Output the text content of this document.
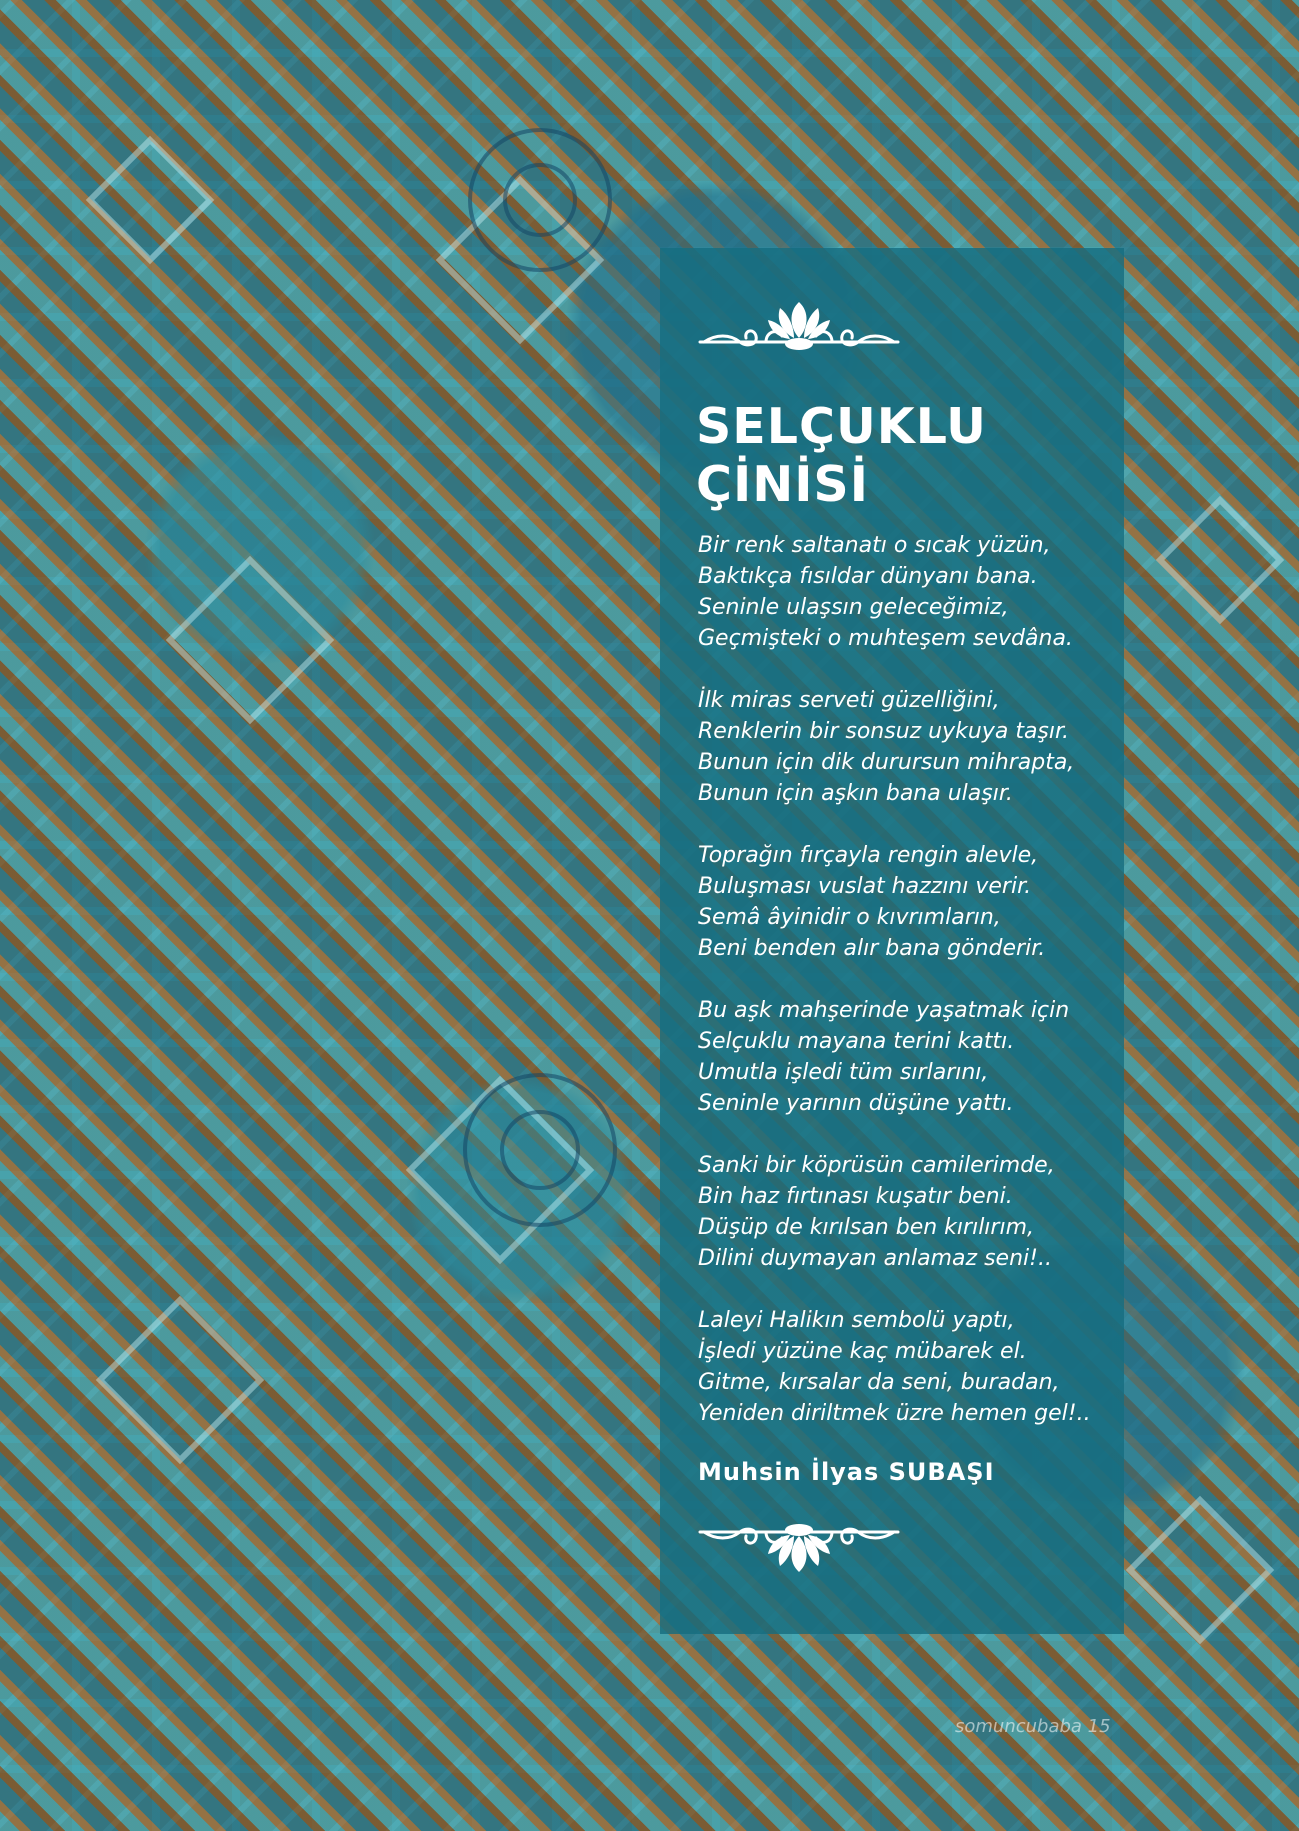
SELÇUKLU
ÇİNİSİ
Bir renk saltanatı o sıcak yüzün,
Baktıkça fısıldar dünyanı bana.
Seninle ulaşsın geleceğimiz,
Geçmişteki o muhteşem sevdâna.
İlk miras serveti güzelliğini,
Renklerin bir sonsuz uykuya taşır.
Bunun için dik durursun mihrapta,
Bunun için aşkın bana ulaşır.
Toprağın fırçayla rengin alevle,
Buluşması vuslat hazzını verir.
Semâ âyinidir o kıvrımların,
Beni benden alır bana gönderir.
Bu aşk mahşerinde yaşatmak için
Selçuklu mayana terini kattı.
Umutla işledi tüm sırlarını,
Seninle yarının düşüne yattı.
Sanki bir köprüsün camilerimde,
Bin haz fırtınası kuşatır beni.
Düşüp de kırılsan ben kırılırım,
Dilini duymayan anlamaz seni!..
Laleyi Halikın sembolü yaptı,
İşledi yüzüne kaç mübarek el.
Gitme, kırsalar da seni, buradan,
Yeniden diriltmek üzre hemen gel!..

Muhsin İlyas SUBAŞI

somuncubaba 15
